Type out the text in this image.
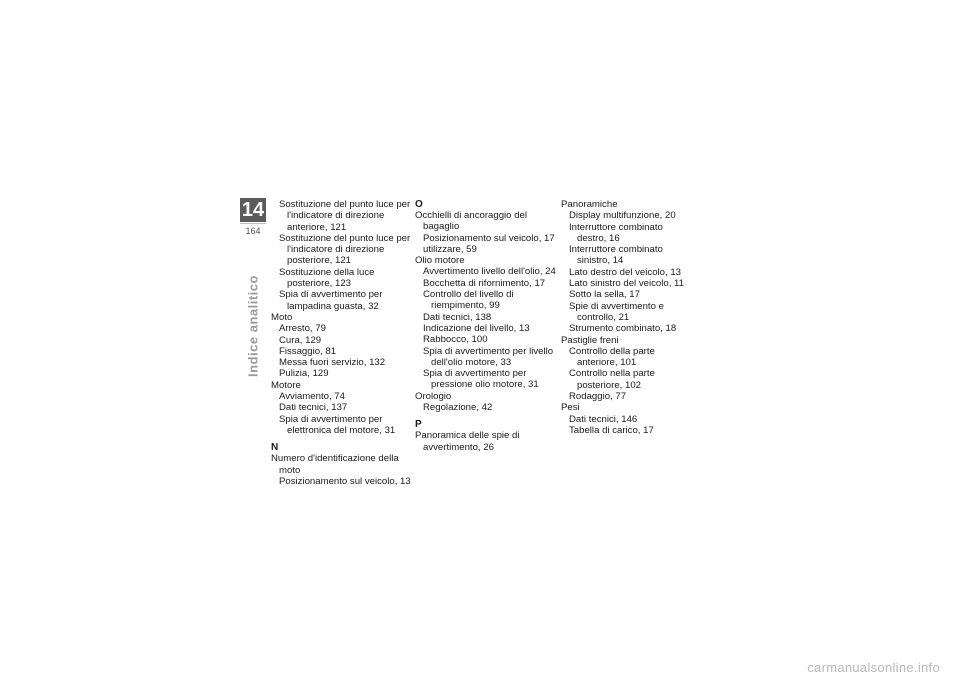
14
164
Indice analitico
Sostituzione del punto luce per l'indicatore di direzione anteriore, 121
Sostituzione del punto luce per l'indicatore di direzione posteriore, 121
Sostituzione della luce posteriore, 123
Spia di avvertimento per lampadina guasta, 32
Moto
Arresto, 79
Cura, 129
Fissaggio, 81
Messa fuori servizio, 132
Pulizia, 129
Motore
Avviamento, 74
Dati tecnici, 137
Spia di avvertimento per elettronica del motore, 31
N
Numero d'identificazione della moto
Posizionamento sul veicolo, 13
O
Occhielli di ancoraggio del bagaglio
Posizionamento sul veicolo, 17
utilizzare, 59
Olio motore
Avvertimento livello dell'olio, 24
Bocchetta di rifornimento, 17
Controllo del livello di riempimento, 99
Dati tecnici, 138
Indicazione del livello, 13
Rabbocco, 100
Spia di avvertimento per livello dell'olio motore, 33
Spia di avvertimento per pressione olio motore, 31
Orologio
Regolazione, 42
P
Panoramica delle spie di avvertimento, 26
Panoramiche
Display multifunzione, 20
Interruttore combinato destro, 16
Interruttore combinato sinistro, 14
Lato destro del veicolo, 13
Lato sinistro del veicolo, 11
Sotto la sella, 17
Spie di avvertimento e controllo, 21
Strumento combinato, 18
Pastiglie freni
Controllo della parte anteriore, 101
Controllo nella parte posteriore, 102
Rodaggio, 77
Pesi
Dati tecnici, 146
Tabella di carico, 17
carmanualsonline.info
